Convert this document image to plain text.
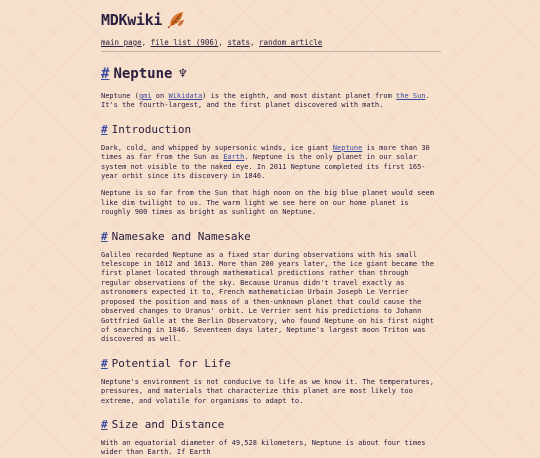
MDKwiki
main page, file list (906), stats, random article
# Neptune ♆

Neptune (gmi on Wikidata) is the eighth, and most distant planet from the Sun. It's the fourth-largest, and the first planet discovered with math.

# Introduction

Dark, cold, and whipped by supersonic winds, ice giant Neptune is more than 30 times as far from the Sun as Earth. Neptune is the only planet in our solar system not visible to the naked eye. In 2011 Neptune completed its first 165-year orbit since its discovery in 1846.

Neptune is so far from the Sun that high noon on the big blue planet would seem like dim twilight to us. The warm light we see here on our home planet is roughly 900 times as bright as sunlight on Neptune.

# Namesake and Namesake

Galileo recorded Neptune as a fixed star during observations with his small telescope in 1612 and 1613. More than 200 years later, the ice giant became the first planet located through mathematical predictions rather than through regular observations of the sky. Because Uranus didn't travel exactly as astronomers expected it to, French mathematician Urbain Joseph Le Verrier proposed the position and mass of a then-unknown planet that could cause the observed changes to Uranus' orbit. Le Verrier sent his predictions to Johann Gottfried Galle at the Berlin Observatory, who found Neptune on his first night of searching in 1846. Seventeen days later, Neptune's largest moon Triton was discovered as well.

# Potential for Life

Neptune's environment is not conducive to life as we know it. The temperatures, pressures, and materials that characterize this planet are most likely too extreme, and volatile for organisms to adapt to.

# Size and Distance

With an equatorial diameter of 49,528 kilometers, Neptune is about four times wider than Earth. If Earth
